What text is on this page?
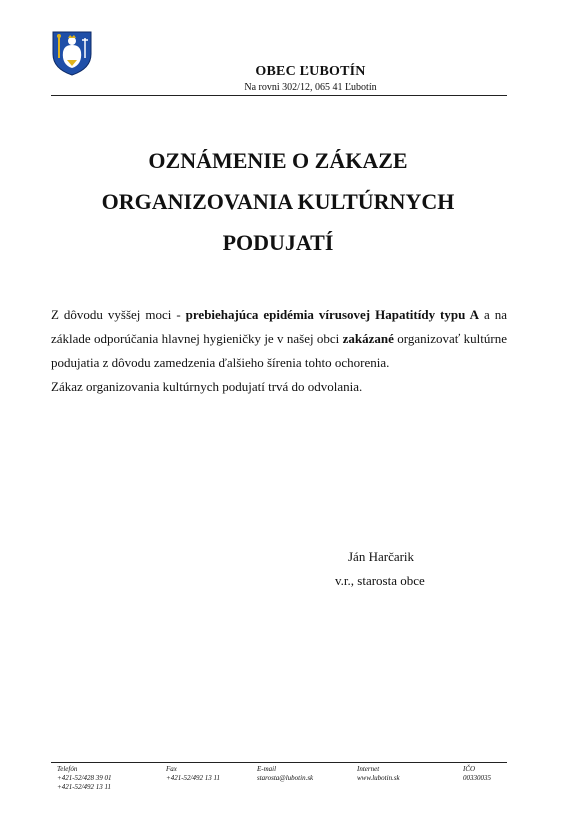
OBEC ĽUBOTÍN
Na rovni 302/12, 065 41 Ľubotín
OZNÁMENIE O ZÁKAZE
ORGANIZOVANIA KULTÚRNYCH
PODUJATÍ

Z dôvodu vyššej moci - prebiehajúca epidémia vírusovej Hapatitídy typu A a na základe odporúčania hlavnej hygieničky je v našej obci zakázané organizovať kultúrne podujatia z dôvodu zamedzenia ďalšieho šírenia tohto ochorenia.

Zákaz organizovania kultúrnych podujatí trvá do odvolania.

Ján Harčarik
v.r., starosta obce
Telefón
+421-52/428 39 01
+421-52/492 13 11
Fax
+421-52/492 13 11
E-mail
starosta@lubotin.sk
Internet
www.lubotin.sk
IČO
00330035
